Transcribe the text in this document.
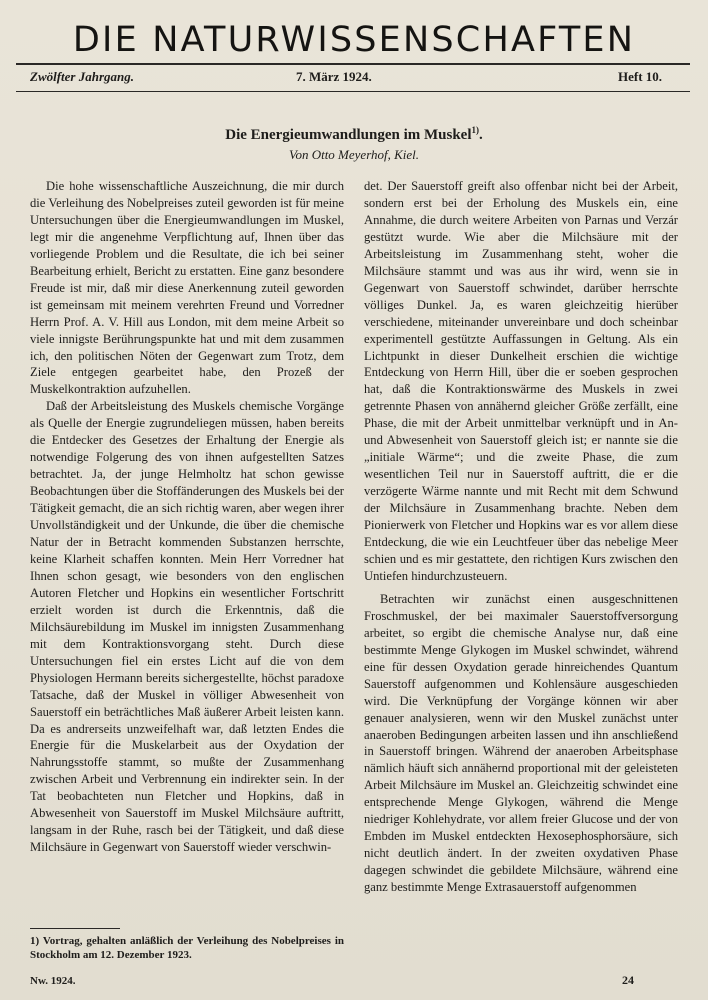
DIE NATURWISSENSCHAFTEN
Zwölfter Jahrgang.	7. März 1924.	Heft 10.
Die Energieumwandlungen im Muskel$^{1)}$.
Von Otto Meyerhof, Kiel.

Die hohe wissenschaftliche Auszeichnung, die mir durch die Verleihung des Nobelpreises zuteil geworden ist für meine Untersuchungen über die Energieumwandlungen im Muskel, legt mir die angenehme Verpflichtung auf, Ihnen über das vorliegende Problem und die Resultate, die ich bei seiner Bearbeitung erhielt, Bericht zu erstatten. Eine ganz besondere Freude ist mir, daß mir diese Anerkennung zuteil geworden ist gemeinsam mit meinem verehrten Freund und Vorredner Herrn Prof. A. V. Hill aus London, mit dem meine Arbeit so viele innigste Berührungspunkte hat und mit dem zusammen ich, den politischen Nöten der Gegenwart zum Trotz, dem Ziele entgegen gearbeitet habe, den Prozeß der Muskelkontraktion aufzuhellen.

Daß der Arbeitsleistung des Muskels chemische Vorgänge als Quelle der Energie zugrundeliegen müssen, haben bereits die Entdecker des Gesetzes der Erhaltung der Energie als notwendige Folgerung des von ihnen aufgestellten Satzes betrachtet. Ja, der junge Helmholtz hat schon gewisse Beobachtungen über die Stoffänderungen des Muskels bei der Tätigkeit gemacht, die an sich richtig waren, aber wegen ihrer Unvollständigkeit und der Unkunde, die über die chemische Natur der in Betracht kommenden Substanzen herrschte, keine Klarheit schaffen konnten. Mein Herr Vorredner hat Ihnen schon gesagt, wie besonders von den englischen Autoren Fletcher und Hopkins ein wesentlicher Fortschritt erzielt worden ist durch die Erkenntnis, daß die Milchsäurebildung im Muskel im innigsten Zusammenhang mit dem Kontraktionsvorgang steht. Durch diese Untersuchungen fiel ein erstes Licht auf die von dem Physiologen Hermann bereits sichergestellte, höchst paradoxe Tatsache, daß der Muskel in völliger Abwesenheit von Sauerstoff ein beträchtliches Maß äußerer Arbeit leisten kann. Da es andrerseits unzweifelhaft war, daß letzten Endes die Energie für die Muskelarbeit aus der Oxydation der Nahrungsstoffe stammt, so mußte der Zusammenhang zwischen Arbeit und Verbrennung ein indirekter sein. In der Tat beobachteten nun Fletcher und Hopkins, daß in Abwesenheit von Sauerstoff im Muskel Milchsäure auftritt, langsam in der Ruhe, rasch bei der Tätigkeit, und daß diese Milchsäure in Gegenwart von Sauerstoff wieder verschwin-

det. Der Sauerstoff greift also offenbar nicht bei der Arbeit, sondern erst bei der Erholung des Muskels ein, eine Annahme, die durch weitere Arbeiten von Parnas und Verzár gestützt wurde. Wie aber die Milchsäure mit der Arbeitsleistung im Zusammenhang steht, woher die Milchsäure stammt und was aus ihr wird, wenn sie in Gegenwart von Sauerstoff schwindet, darüber herrschte völliges Dunkel. Ja, es waren gleichzeitig hierüber verschiedene, miteinander unvereinbare und doch scheinbar experimentell gestützte Auffassungen in Geltung. Als ein Lichtpunkt in dieser Dunkelheit erschien die wichtige Entdeckung von Herrn Hill, über die er soeben gesprochen hat, daß die Kontraktionswärme des Muskels in zwei getrennte Phasen von annähernd gleicher Größe zerfällt, eine Phase, die mit der Arbeit unmittelbar verknüpft und in An- und Abwesenheit von Sauerstoff gleich ist; er nannte sie die „initiale Wärme“; und die zweite Phase, die zum wesentlichen Teil nur in Sauerstoff auftritt, die er die verzögerte Wärme nannte und mit Recht mit dem Schwund der Milchsäure in Zusammenhang brachte. Neben dem Pionierwerk von Fletcher und Hopkins war es vor allem diese Entdeckung, die wie ein Leuchtfeuer über das nebelige Meer schien und es mir gestattete, den richtigen Kurs zwischen den Untiefen hindurchzusteuern.

Betrachten wir zunächst einen ausgeschnittenen Froschmuskel, der bei maximaler Sauerstoffversorgung arbeitet, so ergibt die chemische Analyse nur, daß eine bestimmte Menge Glykogen im Muskel schwindet, während eine für dessen Oxydation gerade hinreichendes Quantum Sauerstoff aufgenommen und Kohlensäure ausgeschieden wird. Die Verknüpfung der Vorgänge können wir aber genauer analysieren, wenn wir den Muskel zunächst unter anaeroben Bedingungen arbeiten lassen und ihn anschließend in Sauerstoff bringen. Während der anaeroben Arbeitsphase nämlich häuft sich annähernd proportional mit der geleisteten Arbeit Milchsäure im Muskel an. Gleichzeitig schwindet eine entsprechende Menge Glykogen, während die Menge niedriger Kohlehydrate, vor allem freier Glucose und der von Embden im Muskel entdeckten Hexosephosphorsäure, sich nicht deutlich ändert. In der zweiten oxydativen Phase dagegen schwindet die gebildete Milchsäure, während eine ganz bestimmte Menge Extrasauerstoff aufgenommen

1) Vortrag, gehalten anläßlich der Verleihung des Nobelpreises in Stockholm am 12. Dezember 1923.
Nw. 1924.	24
